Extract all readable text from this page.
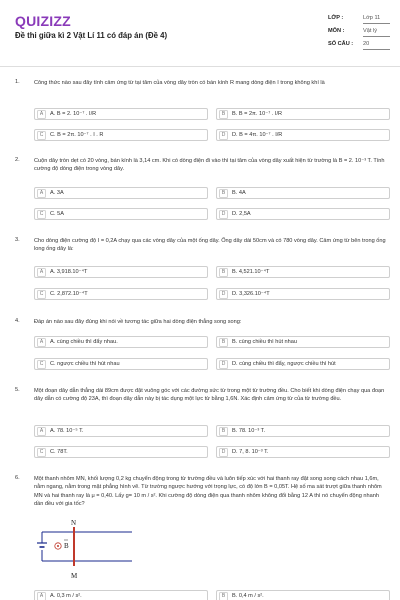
QUIZIZZ
Đề thi giữa kì 2 Vật Lí 11 có đáp án (Đề 4)
LỚP :	Lớp 11
MÔN :	Vật lý
SỐ CÂU :	20
1.	Công thức nào sau đây tính cảm ứng từ tại tâm của vòng dây tròn có bán kính R mang dòng điện I trong không khí là
A	A. B = 2. 10⁻⁷ . I/R	B	B. B = 2π. 10⁻⁷ . I/R
C	C. B = 2π. 10⁻⁷ . I . R	D	D. B = 4π. 10⁻⁷ . I/R
2.	Cuộn dây tròn dẹt có 20 vòng, bán kính là 3,14 cm. Khi có dòng điện đi vào thì tại tâm của vòng dây xuất hiện từ trường là B = 2. 10⁻³ T. Tính cường độ dòng điện trong vòng dây.
A	A. 3A	B	B. 4A
C	C. 5A	D	D. 2,5A
3.	Cho dòng điện cường độ I = 0,2A chạy qua các vòng dây của một ống dây. Ống dây dài 50cm và có 780 vòng dây. Cảm ứng từ bên trong ống long ống dây là:
A	A. 3,918.10⁻⁴T	B	B. 4,521.10⁻⁴T
C	C. 2,872.10⁻⁴T	D	D. 3,326.10⁻⁴T
4.	Đáp án nào sau đây đúng khi nói về tương tác giữa hai dòng điện thẳng song song:
A	A. cùng chiều thì đẩy nhau.	B	B. cùng chiều thì hút nhau
C	C. ngược chiều thì hút nhau	D	D. cùng chiều thì đẩy, ngược chiều thì hút
5.	Một đoạn dây dẫn thẳng dài 89cm được đặt vuông góc với các đường sức từ trong một từ trường đều. Cho biết khi dòng điện chạy qua đoạn dây dẫn có cường độ 23A, thì đoạn dây dẫn này bị tác dụng một lực từ bằng 1,6N. Xác định cảm ứng từ của từ trường đều.
A	A. 78. 10⁻⁵ T.	B	B. 78. 10⁻³ T.
C	C. 78T.	D	D. 7, 8. 10⁻³ T.
6.	Một thanh nhôm MN, khối lượng 0,2 kg chuyển động trong từ trường đều và luôn tiếp xúc với hai thanh ray đặt song song cách nhau 1,6m, nằm ngang, nằm trong mặt phẳng hình vẽ. Từ trường ngược hướng với trọng lực, có độ lớn B = 0,05T. Hệ số ma sát trượt giữa thanh nhôm MN và hai thanh ray là μ = 0,40. Lấy g= 10 m / s². Khi cường độ dòng điện qua thanh nhôm không đổi bằng 12 A thì nó chuyển động nhanh dần đều với gia tốc?
B
N
M
A	A. 0,3 m / s².	B	B. 0,4 m / s².
